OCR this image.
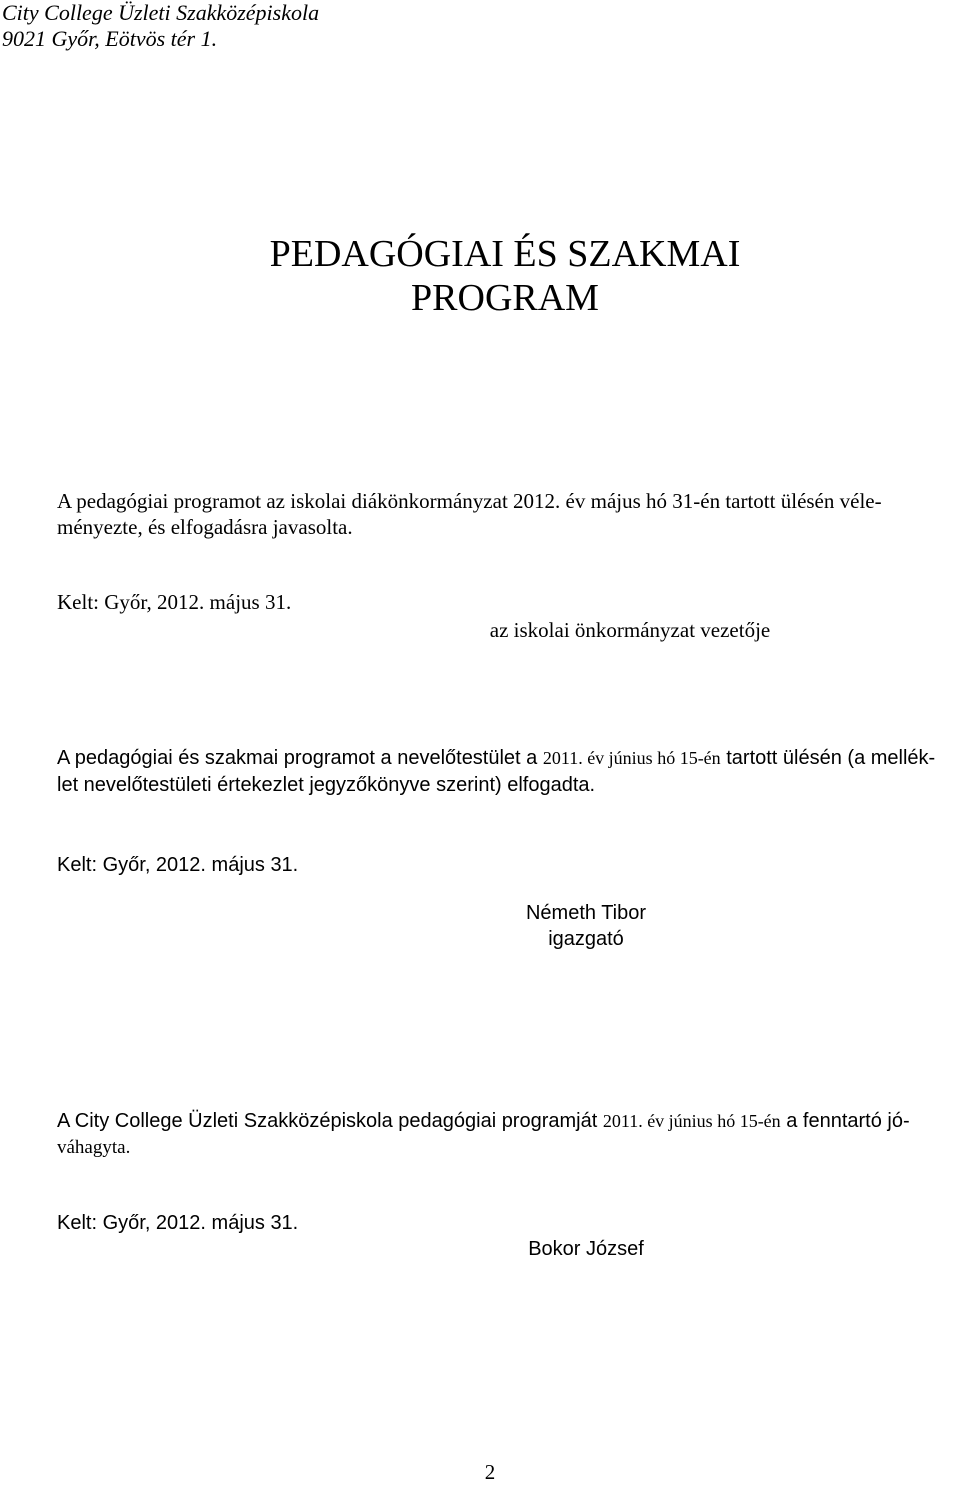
City College Üzleti Szakközépiskola
9021 Győr, Eötvös tér 1.
PEDAGÓGIAI ÉS SZAKMAI
PROGRAM
A pedagógiai programot az iskolai diákönkormányzat 2012. év május hó 31-én tartott ülésén véle-
ményezte, és elfogadásra javasolta.
Kelt: Győr, 2012. május 31.
az iskolai önkormányzat vezetője
A pedagógiai és szakmai programot a nevelőtestület a 2011. év június hó 15-én tartott ülésén (a mellék-
let nevelőtestületi értekezlet jegyzőkönyve szerint) elfogadta.
Kelt: Győr, 2012. május 31.
Németh Tibor
igazgató
A City College Üzleti Szakközépiskola pedagógiai programját 2011. év június hó 15-én a fenntartó jó-
váhagyta.
Kelt: Győr, 2012. május 31.
Bokor József
2
